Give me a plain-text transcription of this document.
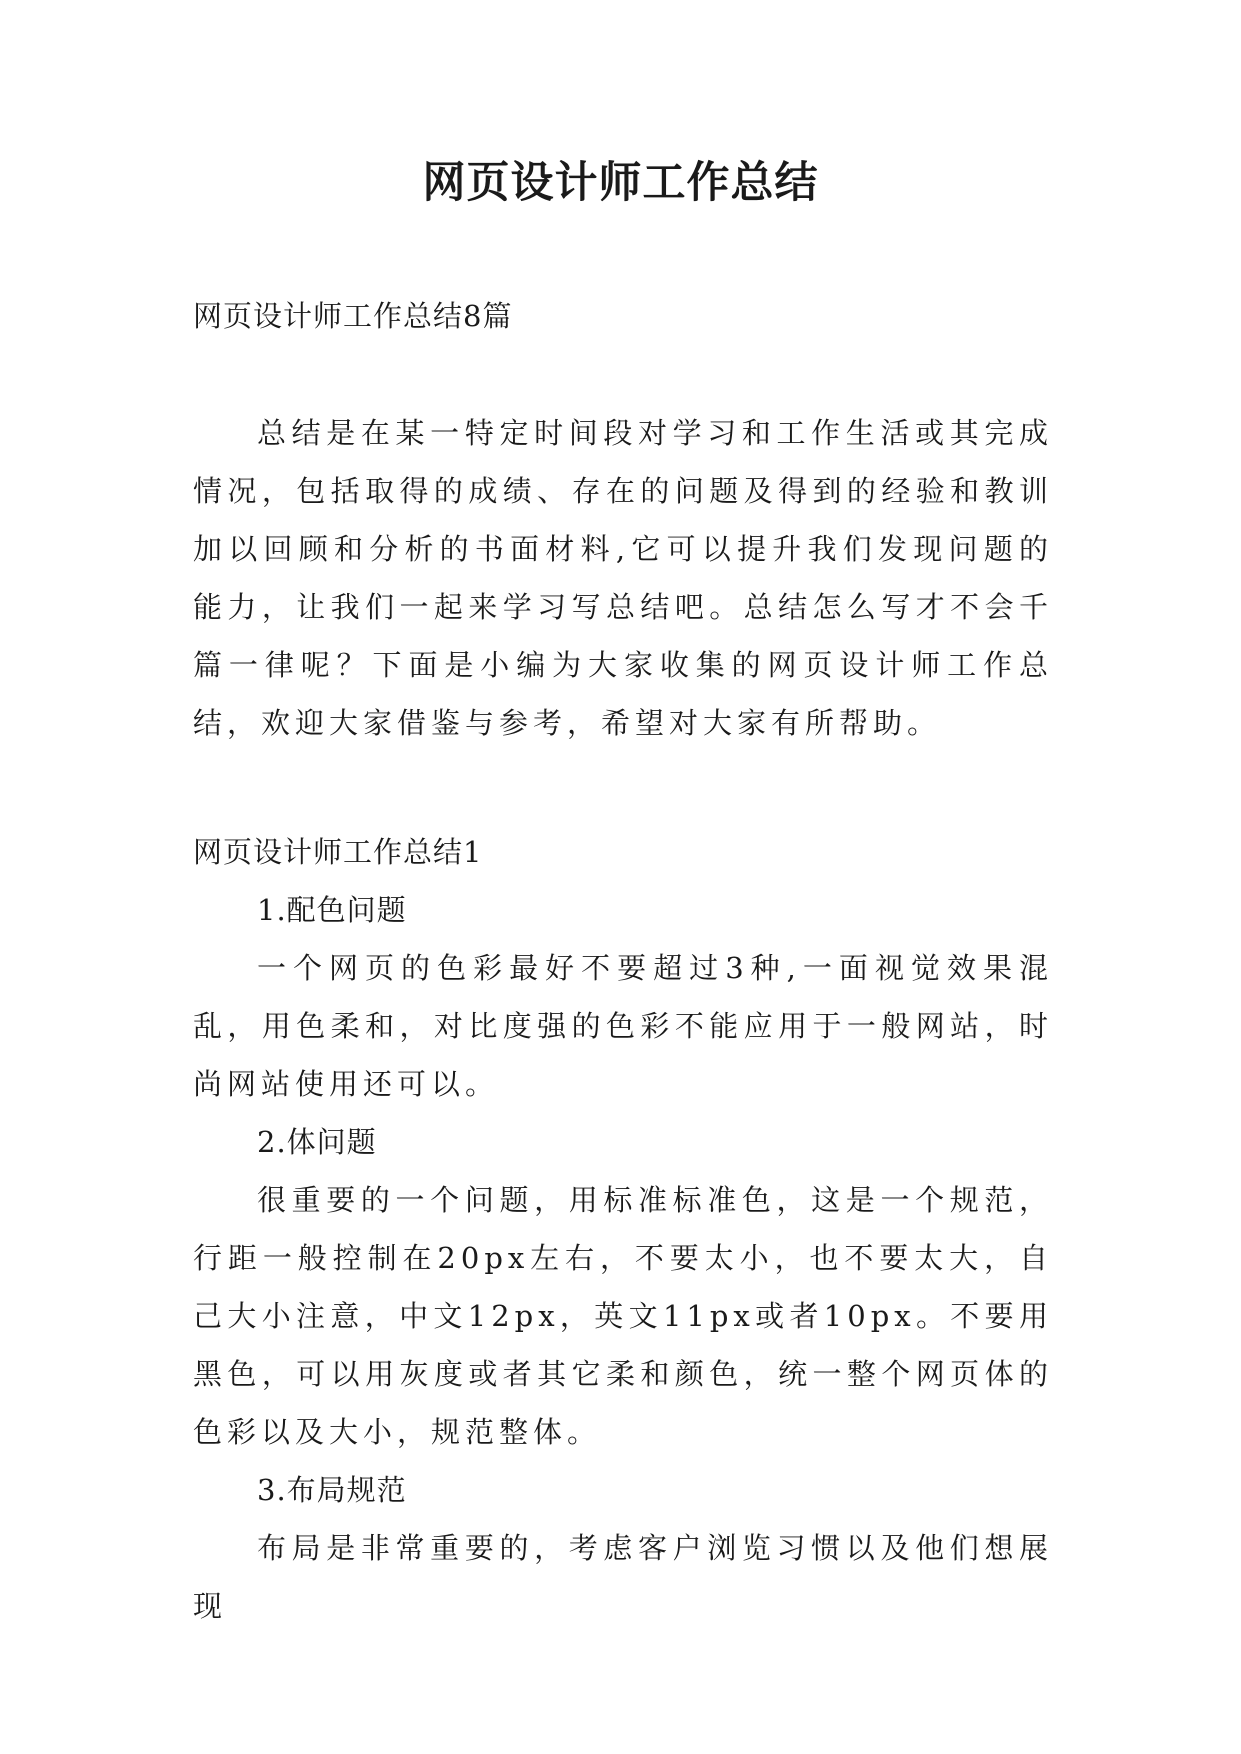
网页设计师工作总结

网页设计师工作总结8篇

总结是在某一特定时间段对学习和工作生活或其完成情况，包括取得的成绩、存在的问题及得到的经验和教训加以回顾和分析的书面材料,它可以提升我们发现问题的能力，让我们一起来学习写总结吧。总结怎么写才不会千篇一律呢？下面是小编为大家收集的网页设计师工作总结，欢迎大家借鉴与参考，希望对大家有所帮助。

网页设计师工作总结1

1.配色问题

一个网页的色彩最好不要超过3种,一面视觉效果混乱，用色柔和，对比度强的色彩不能应用于一般网站，时尚网站使用还可以。

2.体问题

很重要的一个问题，用标准标准色，这是一个规范，行距一般控制在20px左右，不要太小，也不要太大，自己大小注意，中文12px，英文11px或者10px。不要用黑色，可以用灰度或者其它柔和颜色，统一整个网页体的色彩以及大小，规范整体。

3.布局规范

布局是非常重要的，考虑客户浏览习惯以及他们想展现
